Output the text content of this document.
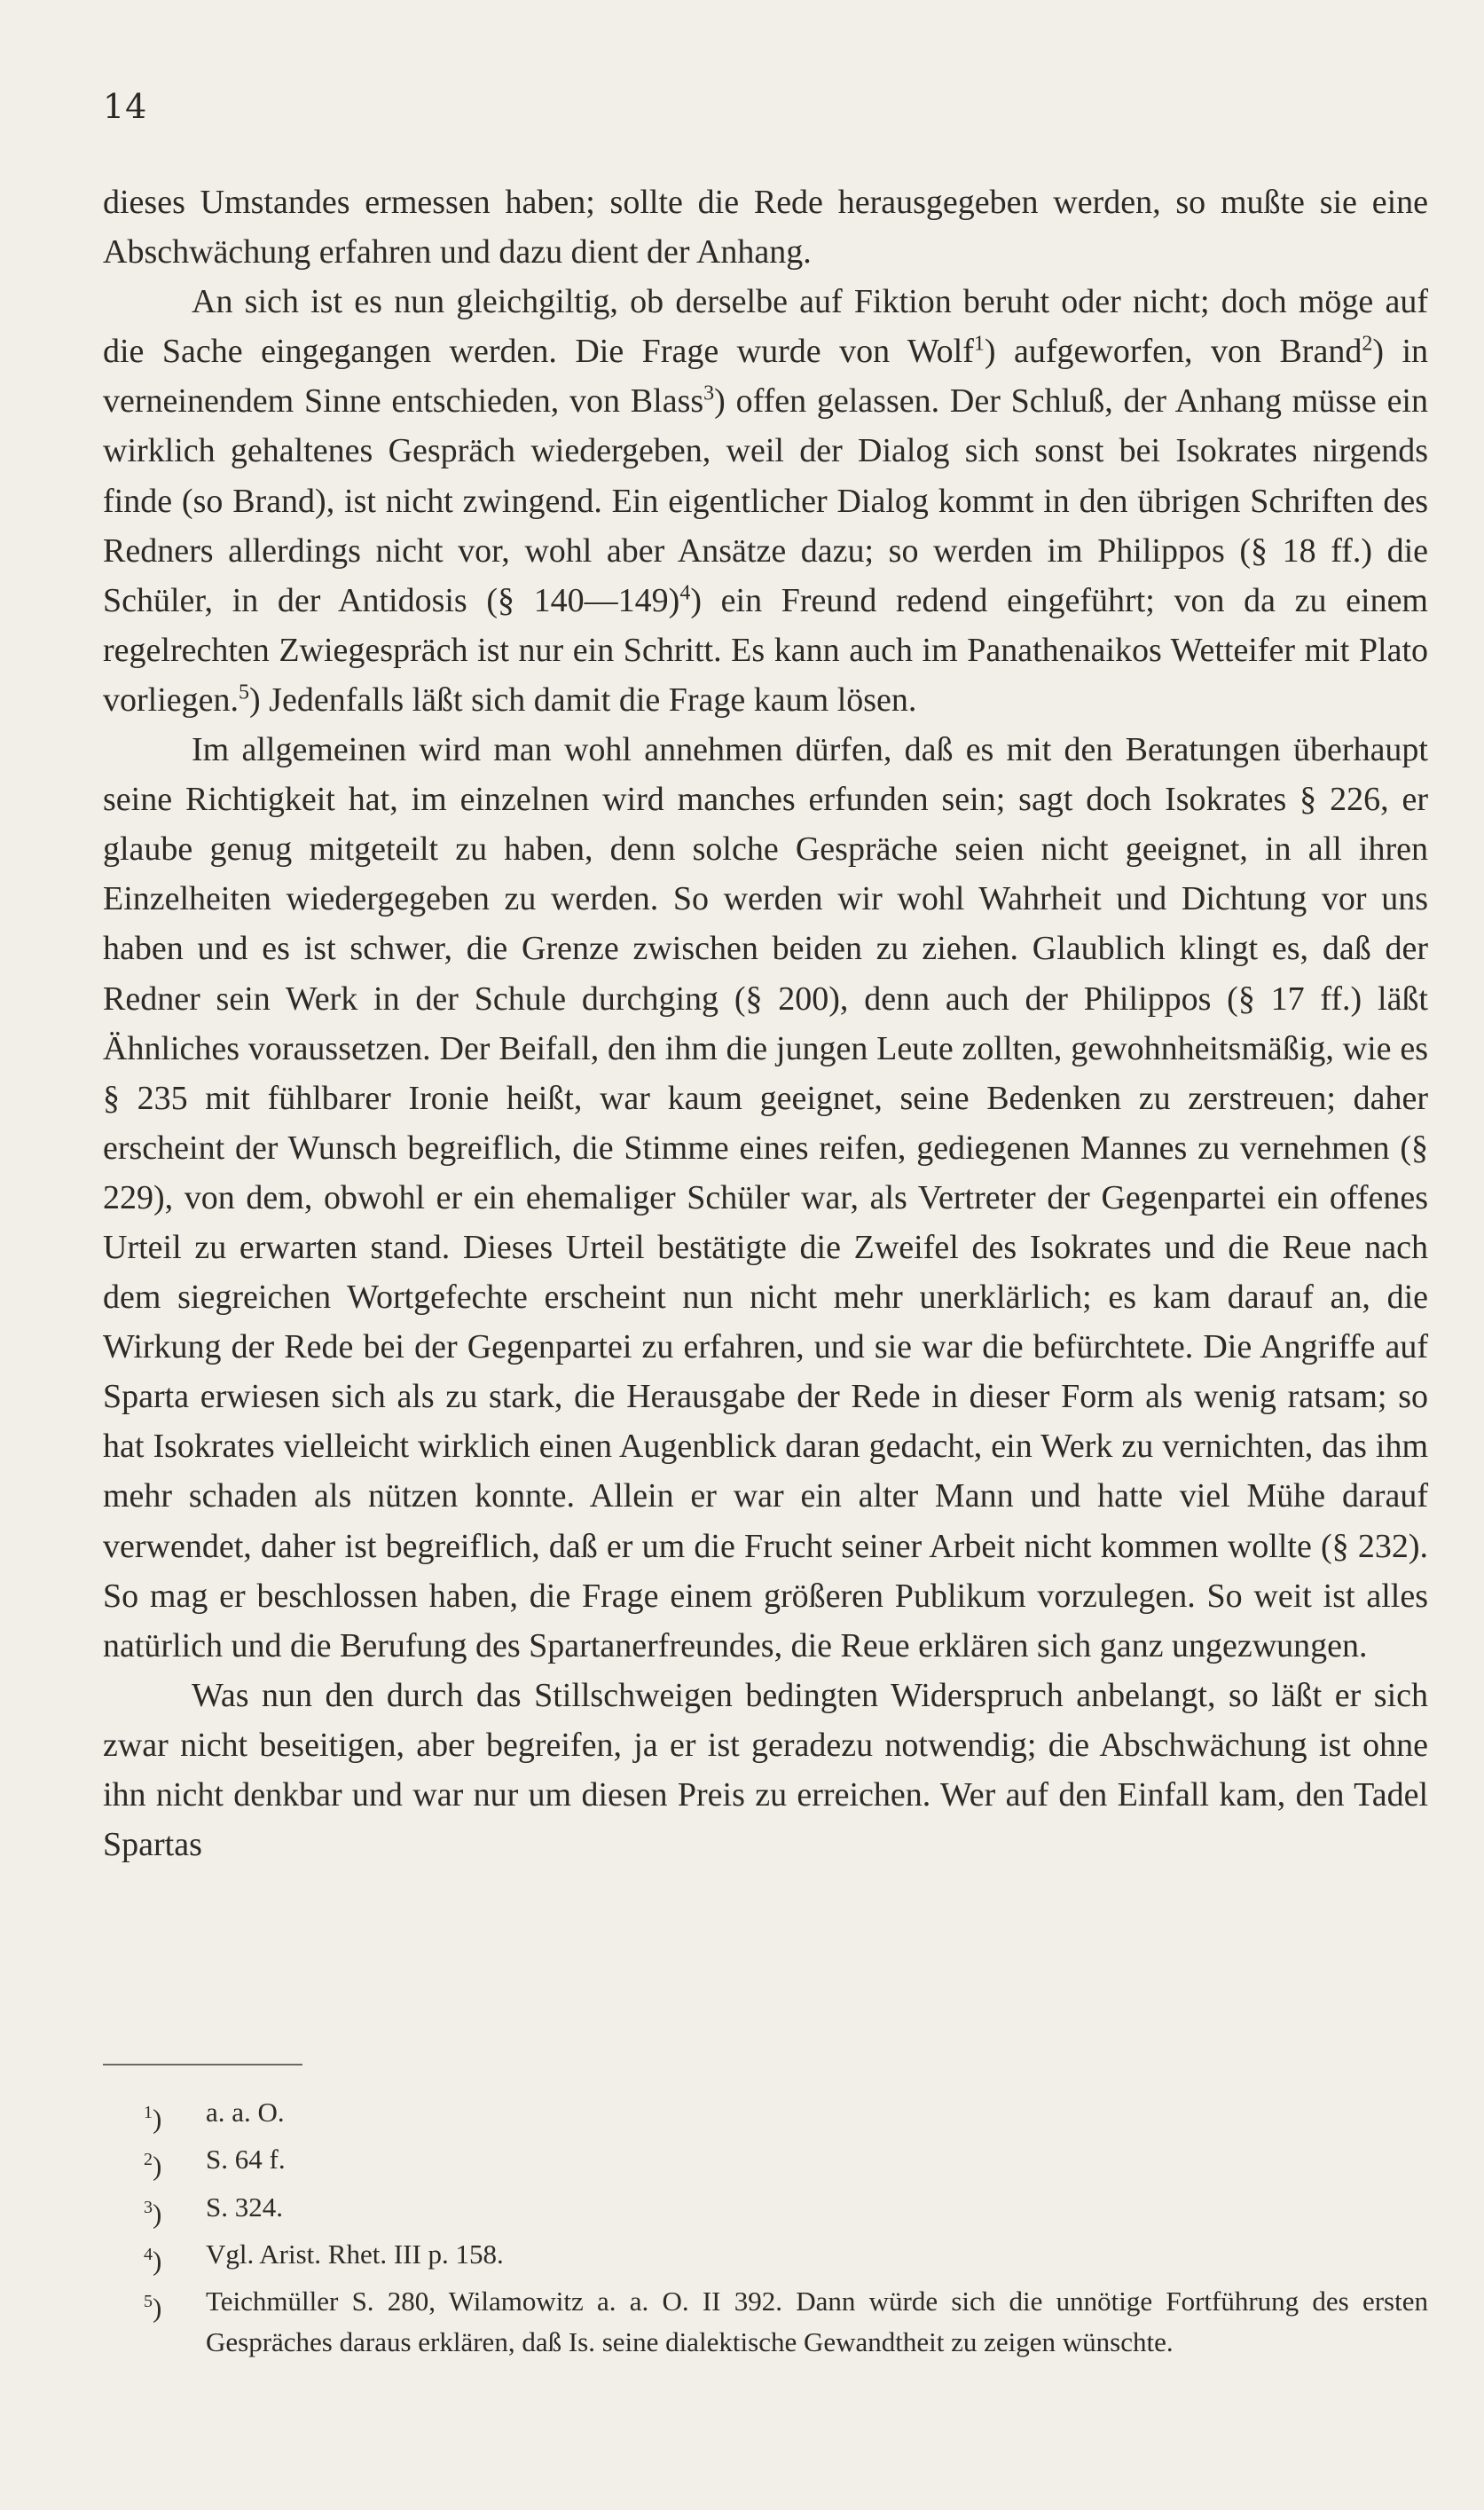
14

dieses Umstandes ermessen haben; sollte die Rede herausgegeben werden, so mußte sie eine Abschwächung erfahren und dazu dient der Anhang.

An sich ist es nun gleichgiltig, ob derselbe auf Fiktion beruht oder nicht; doch möge auf die Sache eingegangen werden. Die Frage wurde von Wolf$^1$) aufgeworfen, von Brand$^2$) in verneinendem Sinne entschieden, von Blass$^3$) offen gelassen. Der Schluß, der Anhang müsse ein wirklich gehaltenes Gespräch wiedergeben, weil der Dialog sich sonst bei Isokrates nirgends finde (so Brand), ist nicht zwingend. Ein eigentlicher Dialog kommt in den übrigen Schriften des Redners allerdings nicht vor, wohl aber Ansätze dazu; so werden im Philippos (§ 18 ff.) die Schüler, in der Antidosis (§ 140—149)$^4$) ein Freund redend eingeführt; von da zu einem regelrechten Zwiegespräch ist nur ein Schritt. Es kann auch im Panathenaikos Wetteifer mit Plato vorliegen.$^5$) Jedenfalls läßt sich damit die Frage kaum lösen.

Im allgemeinen wird man wohl annehmen dürfen, daß es mit den Beratungen überhaupt seine Richtigkeit hat, im einzelnen wird manches erfunden sein; sagt doch Isokrates § 226, er glaube genug mitgeteilt zu haben, denn solche Gespräche seien nicht geeignet, in all ihren Einzelheiten wiedergegeben zu werden. So werden wir wohl Wahrheit und Dichtung vor uns haben und es ist schwer, die Grenze zwischen beiden zu ziehen. Glaublich klingt es, daß der Redner sein Werk in der Schule durchging (§ 200), denn auch der Philippos (§ 17 ff.) läßt Ähnliches voraussetzen. Der Beifall, den ihm die jungen Leute zollten, gewohnheitsmäßig, wie es § 235 mit fühlbarer Ironie heißt, war kaum geeignet, seine Bedenken zu zerstreuen; daher erscheint der Wunsch begreiflich, die Stimme eines reifen, gediegenen Mannes zu vernehmen (§ 229), von dem, obwohl er ein ehemaliger Schüler war, als Vertreter der Gegenpartei ein offenes Urteil zu erwarten stand. Dieses Urteil bestätigte die Zweifel des Isokrates und die Reue nach dem siegreichen Wortgefechte erscheint nun nicht mehr unerklärlich; es kam darauf an, die Wirkung der Rede bei der Gegenpartei zu erfahren, und sie war die befürchtete. Die Angriffe auf Sparta erwiesen sich als zu stark, die Herausgabe der Rede in dieser Form als wenig ratsam; so hat Isokrates vielleicht wirklich einen Augenblick daran gedacht, ein Werk zu vernichten, das ihm mehr schaden als nützen konnte. Allein er war ein alter Mann und hatte viel Mühe darauf verwendet, daher ist begreiflich, daß er um die Frucht seiner Arbeit nicht kommen wollte (§ 232). So mag er beschlossen haben, die Frage einem größeren Publikum vorzulegen. So weit ist alles natürlich und die Berufung des Spartanerfreundes, die Reue erklären sich ganz ungezwungen.

Was nun den durch das Stillschweigen bedingten Widerspruch anbelangt, so läßt er sich zwar nicht beseitigen, aber begreifen, ja er ist geradezu notwendig; die Abschwächung ist ohne ihn nicht denkbar und war nur um diesen Preis zu erreichen. Wer auf den Einfall kam, den Tadel Spartas

$^1$)	a. a. O.
$^2$)	S. 64 f.
$^3$)	S. 324.
$^4$)	Vgl. Arist. Rhet. III p. 158.
$^5$)	Teichmüller S. 280, Wilamowitz a. a. O. II 392. Dann würde sich die unnötige Fortführung des ersten Gespräches daraus erklären, daß Is. seine dialektische Gewandtheit zu zeigen wünschte.
